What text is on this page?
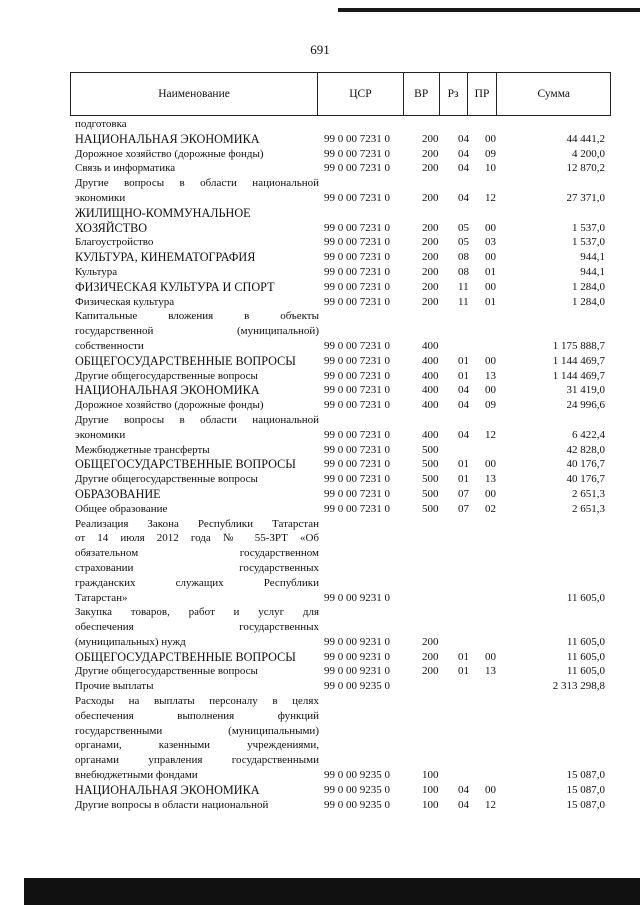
691
Наименование	ЦСР	ВР	Рз	ПР	Сумма
подготовка
НАЦИОНАЛЬНАЯ ЭКОНОМИКА	99 0 00 7231 0	200 04 00	44 441,2
Дорожное хозяйство (дорожные фонды)	99 0 00 7231 0	200 04 09	4 200,0
Связь и информатика	99 0 00 7231 0	200 04 10	12 870,2
Другие вопросы в области национальной
экономики	99 0 00 7231 0	200 04 12	27 371,0
ЖИЛИЩНО-КОММУНАЛЬНОЕ
ХОЗЯЙСТВО	99 0 00 7231 0	200 05 00	1 537,0
Благоустройство	99 0 00 7231 0	200 05 03	1 537,0
КУЛЬТУРА, КИНЕМАТОГРАФИЯ	99 0 00 7231 0	200 08 00	944,1
Культура	99 0 00 7231 0	200 08 01	944,1
ФИЗИЧЕСКАЯ КУЛЬТУРА И СПОРТ	99 0 00 7231 0	200 11 00	1 284,0
Физическая культура	99 0 00 7231 0	200 11 01	1 284,0
Капитальные вложения в объекты
государственной (муниципальной)
собственности	99 0 00 7231 0	400	1 175 888,7
ОБЩЕГОСУДАРСТВЕННЫЕ ВОПРОСЫ	99 0 00 7231 0	400 01 00	1 144 469,7
Другие общегосударственные вопросы	99 0 00 7231 0	400 01 13	1 144 469,7
НАЦИОНАЛЬНАЯ ЭКОНОМИКА	99 0 00 7231 0	400 04 00	31 419,0
Дорожное хозяйство (дорожные фонды)	99 0 00 7231 0	400 04 09	24 996,6
Другие вопросы в области национальной
экономики	99 0 00 7231 0	400 04 12	6 422,4
Межбюджетные трансферты	99 0 00 7231 0	500	42 828,0
ОБЩЕГОСУДАРСТВЕННЫЕ ВОПРОСЫ	99 0 00 7231 0	500 01 00	40 176,7
Другие общегосударственные вопросы	99 0 00 7231 0	500 01 13	40 176,7
ОБРАЗОВАНИЕ	99 0 00 7231 0	500 07 00	2 651,3
Общее образование	99 0 00 7231 0	500 07 02	2 651,3
Реализация Закона Республики Татарстан
от 14 июля 2012 года № 55-ЗРТ «Об
обязательном государственном
страховании государственных
гражданских служащих Республики
Татарстан»	99 0 00 9231 0	11 605,0
Закупка товаров, работ и услуг для
обеспечения государственных
(муниципальных) нужд	99 0 00 9231 0	200	11 605,0
ОБЩЕГОСУДАРСТВЕННЫЕ ВОПРОСЫ	99 0 00 9231 0	200 01 00	11 605,0
Другие общегосударственные вопросы	99 0 00 9231 0	200 01 13	11 605,0
Прочие выплаты	99 0 00 9235 0	2 313 298,8
Расходы на выплаты персоналу в целях
обеспечения выполнения функций
государственными (муниципальными)
органами, казенными учреждениями,
органами управления государственными
внебюджетными фондами	99 0 00 9235 0	100	15 087,0
НАЦИОНАЛЬНАЯ ЭКОНОМИКА	99 0 00 9235 0	100 04 00	15 087,0
Другие вопросы в области национальной	99 0 00 9235 0	100 04 12	15 087,0
